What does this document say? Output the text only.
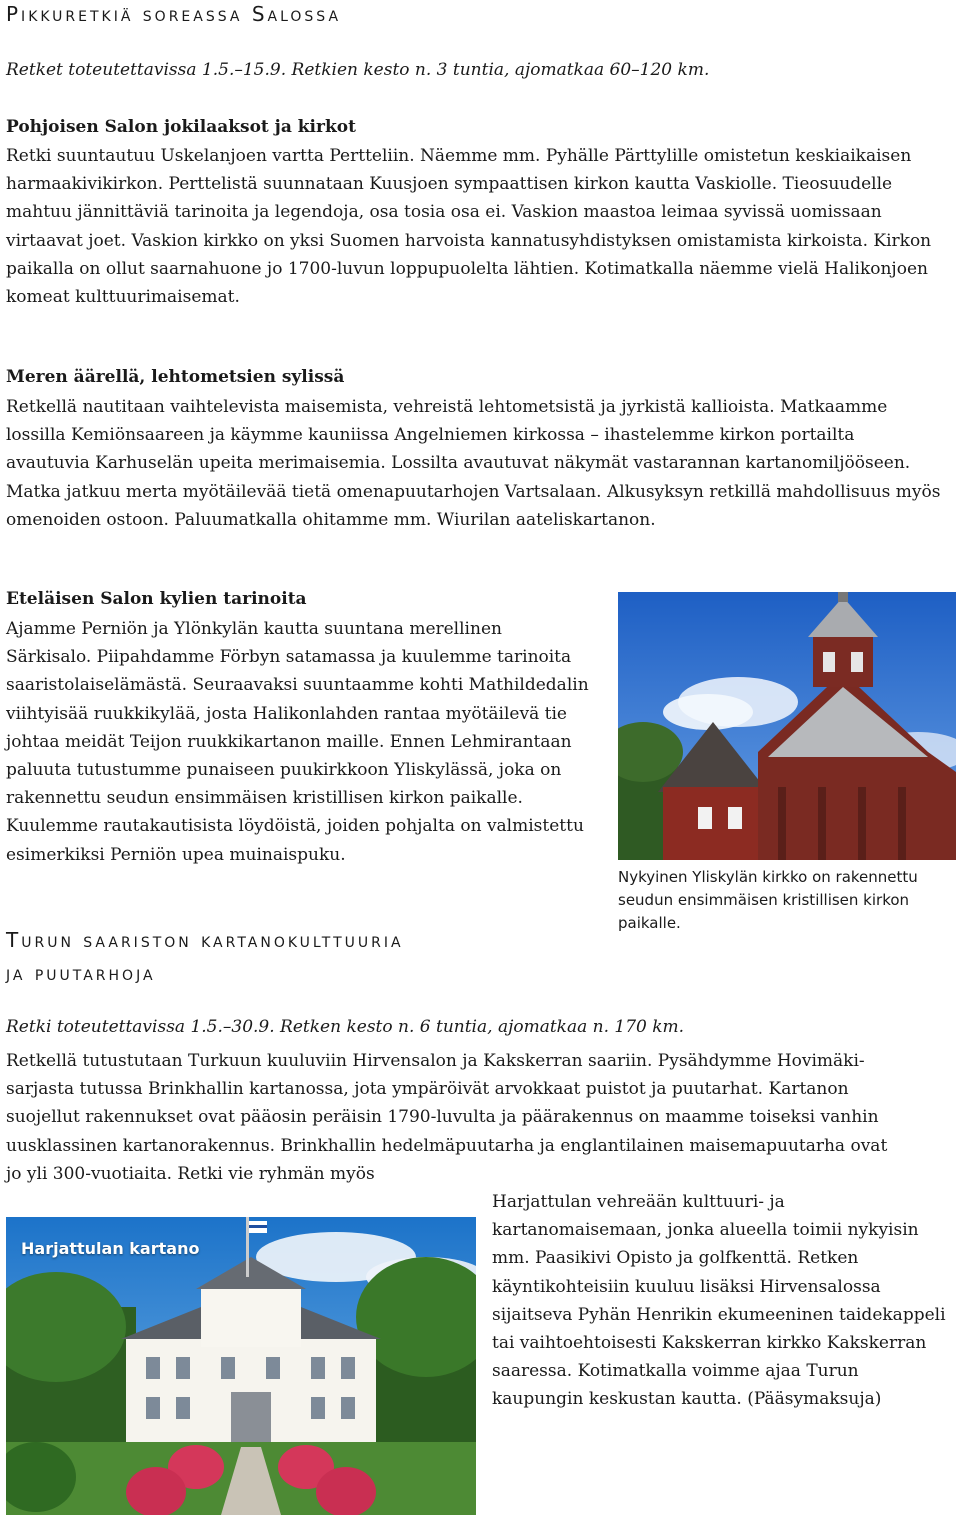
Pikkuretkiä soreassa Salossa

Retket toteutettavissa 1.5.–15.9. Retkien kesto n. 3 tuntia, ajomatkaa 60–120 km.

Pohjoisen Salon jokilaaksot ja kirkot

Retki suuntautuu Uskelanjoen vartta Pertteliin. Näemme mm. Pyhälle Pärttylille omistetun keskiaikaisen harmaakivikirkon. Perttelistä suunnataan Kuusjoen sympaattisen kirkon kautta Vaskiolle. Tieosuudelle mahtuu jännittäviä tarinoita ja legendoja, osa tosia osa ei. Vaskion maastoa leimaa syvissä uomissaan virtaavat joet. Vaskion kirkko on yksi Suomen harvoista kannatusyhdistyksen omistamista kirkoista. Kirkon paikalla on ollut saarnahuone jo 1700-luvun loppupuolelta lähtien. Kotimatkalla näemme vielä Halikonjoen komeat kulttuurimaisemat.

Meren äärellä, lehtometsien sylissä

Retkellä nautitaan vaihtelevista maisemista, vehreistä lehtometsistä ja jyrkistä kallioista. Matkaamme lossilla Kemiönsaareen ja käymme kauniissa Angelniemen kirkossa – ihastelemme kirkon portailta avautuvia Karhuselän upeita merimaisemia. Lossilta avautuvat näkymät vastarannan kartanomiljööseen. Matka jatkuu merta myötäilevää tietä omenapuutarhojen Vartsalaan. Alkusyksyn retkillä mahdollisuus myös omenoiden ostoon. Paluumatkalla ohitamme mm. Wiurilan aateliskartanon.

Eteläisen Salon kylien tarinoita

Ajamme Perniön ja Ylönkylän kautta suuntana merellinen Särkisalo. Piipahdamme Förbyn satamassa ja kuulemme tarinoita saaristolaiselämästä. Seuraavaksi suuntaamme kohti Mathildedalin viihtyisää ruukkikylää, josta Halikonlahden rantaa myötäilevä tie johtaa meidät Teijon ruukkikartanon maille. Ennen Lehmirantaan paluuta tutustumme punaiseen puukirkkoon Yliskylässä, joka on rakennettu seudun ensimmäisen kristillisen kirkon paikalle. Kuulemme rautakautisista löydöistä, joiden pohjalta on valmistettu esimerkiksi Perniön upea muinaispuku.

Nykyinen Yliskylän kirkko on rakennettu seudun ensimmäisen kristillisen kirkon paikalle.

Turun saariston kartanokulttuuria
ja puutarhoja

Retki toteutettavissa 1.5.–30.9. Retken kesto n. 6 tuntia, ajomatkaa n. 170 km.

Retkellä tutustutaan Turkuun kuuluviin Hirvensalon ja Kakskerran saariin. Pysähdymme Hovimäki-sarjasta tutussa Brinkhallin kartanossa, jota ympäröivät arvokkaat puistot ja puutarhat. Kartanon suojellut rakennukset ovat pääosin peräisin 1790-luvulta ja päärakennus on maamme toiseksi vanhin uusklassinen kartanorakennus. Brinkhallin hedelmäpuutarha ja englantilainen maisemapuutarha ovat jo yli 300-vuotiaita. Retki vie ryhmän myös

Harjattulan kartano

Harjattulan vehreään kulttuuri- ja kartanomaisemaan, jonka alueella toimii nykyisin mm. Paasikivi Opisto ja golfkenttä. Retken käyntikohteisiin kuuluu lisäksi Hirvensalossa sijaitseva Pyhän Henrikin ekumeeninen taidekappeli tai vaihtoehtoisesti Kakskerran kirkko Kakskerran saaressa. Kotimatkalla voimme ajaa Turun kaupungin keskustan kautta. (Pääsymaksuja)
